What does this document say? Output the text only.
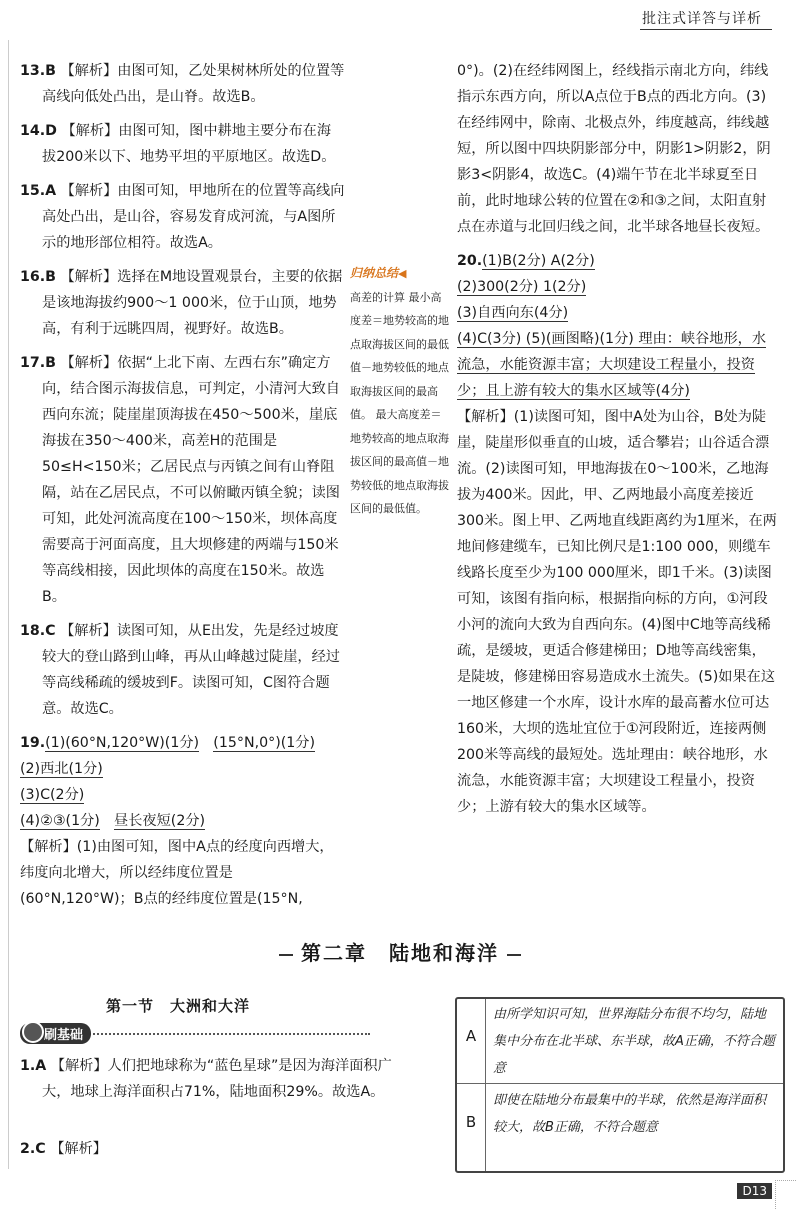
批注式详答与详析

13.B 【解析】由图可知，乙处果树林所处的位置等高线向低处凸出，是山脊。故选B。

14.D 【解析】由图可知，图中耕地主要分布在海拔200米以下、地势平坦的平原地区。故选D。

15.A 【解析】由图可知，甲地所在的位置等高线向高处凸出，是山谷，容易发育成河流，与A图所示的地形部位相符。故选A。

16.B 【解析】选择在M地设置观景台，主要的依据是该地海拔约900～1 000米，位于山顶，地势高，有利于远眺四周，视野好。故选B。

17.B 【解析】依据“上北下南、左西右东”确定方向，结合图示海拔信息，可判定，小清河大致自西向东流；陡崖崖顶海拔在450～500米，崖底海拔在350～400米，高差H的范围是50≤H<150米；乙居民点与丙镇之间有山脊阻隔，站在乙居民点，不可以俯瞰丙镇全貌；读图可知，此处河流高度在100～150米，坝体高度需要高于河面高度，且大坝修建的两端与150米等高线相接，因此坝体的高度在150米。故选B。

18.C 【解析】读图可知，从E出发，先是经过坡度较大的登山路到山峰，再从山峰越过陡崖，经过等高线稀疏的缓坡到F。读图可知，C图符合题意。故选C。

19.(1)(60°N,120°W)(1分)　 (15°N,0°)(1分)
(2)西北(1分)
(3)C(2分)
(4)②③(1分)　 昼长夜短(2分)
【解析】(1)由图可知，图中A点的经度向西增大，纬度向北增大，所以经纬度位置是(60°N,120°W)；B点的经纬度位置是(15°N,
归纳总结◀
高差的计算 最小高度差＝地势较高的地点取海拔区间的最低值－地势较低的地点取海拔区间的最高值。 最大高度差＝地势较高的地点取海拔区间的最高值－地势较低的地点取海拔区间的最低值。

0°)。(2)在经纬网图上，经线指示南北方向，纬线指示东西方向，所以A点位于B点的西北方向。(3)在经纬网中，除南、北极点外，纬度越高，纬线越短，所以图中四块阴影部分中，阴影1>阴影2，阴影3<阴影4，故选C。(4)端午节在北半球夏至日前，此时地球公转的位置在②和③之间，太阳直射点在赤道与北回归线之间，北半球各地昼长夜短。

20.(1)B(2分) A(2分)
(2)300(2分) 1(2分)
(3)自西向东(4分)
(4)C(3分) (5)(画图略)(1分) 理由：峡谷地形，水流急，水能资源丰富；大坝建设工程量小，投资少；且上游有较大的集水区域等(4分)
【解析】(1)读图可知，图中A处为山谷，B处为陡崖，陡崖形似垂直的山坡，适合攀岩；山谷适合漂流。(2)读图可知，甲地海拔在0～100米，乙地海拔为400米。因此，甲、乙两地最小高度差接近300米。图上甲、乙两地直线距离约为1厘米，在两地间修建缆车，已知比例尺是1:100 000，则缆车线路长度至少为100 000厘米，即1千米。(3)读图可知，该图有指向标，根据指向标的方向，①河段小河的流向大致为自西向东。(4)图中C地等高线稀疏，是缓坡，更适合修建梯田；D地等高线密集，是陡坡，修建梯田容易造成水土流失。(5)如果在这一地区修建一个水库，设计水库的最高蓄水位可达160米，大坝的选址宜位于①河段附近，连接两侧200米等高线的最短处。选址理由：峡谷地形，水流急，水能资源丰富；大坝建设工程量小，投资少；上游有较大的集水区域等。
第二章　陆地和海洋
第一节　大洲和大洋
刷基础
1.A 【解析】人们把地球称为“蓝色星球”是因为海洋面积广大，地球上海洋面积占71%，陆地面积29%。故选A。
2.C 【解析】
A
由所学知识可知，世界海陆分布很不均匀，陆地集中分布在北半球、东半球，故A正确，不符合题意
B
即使在陆地分布最集中的半球，依然是海洋面积较大，故B正确，不符合题意
D13
